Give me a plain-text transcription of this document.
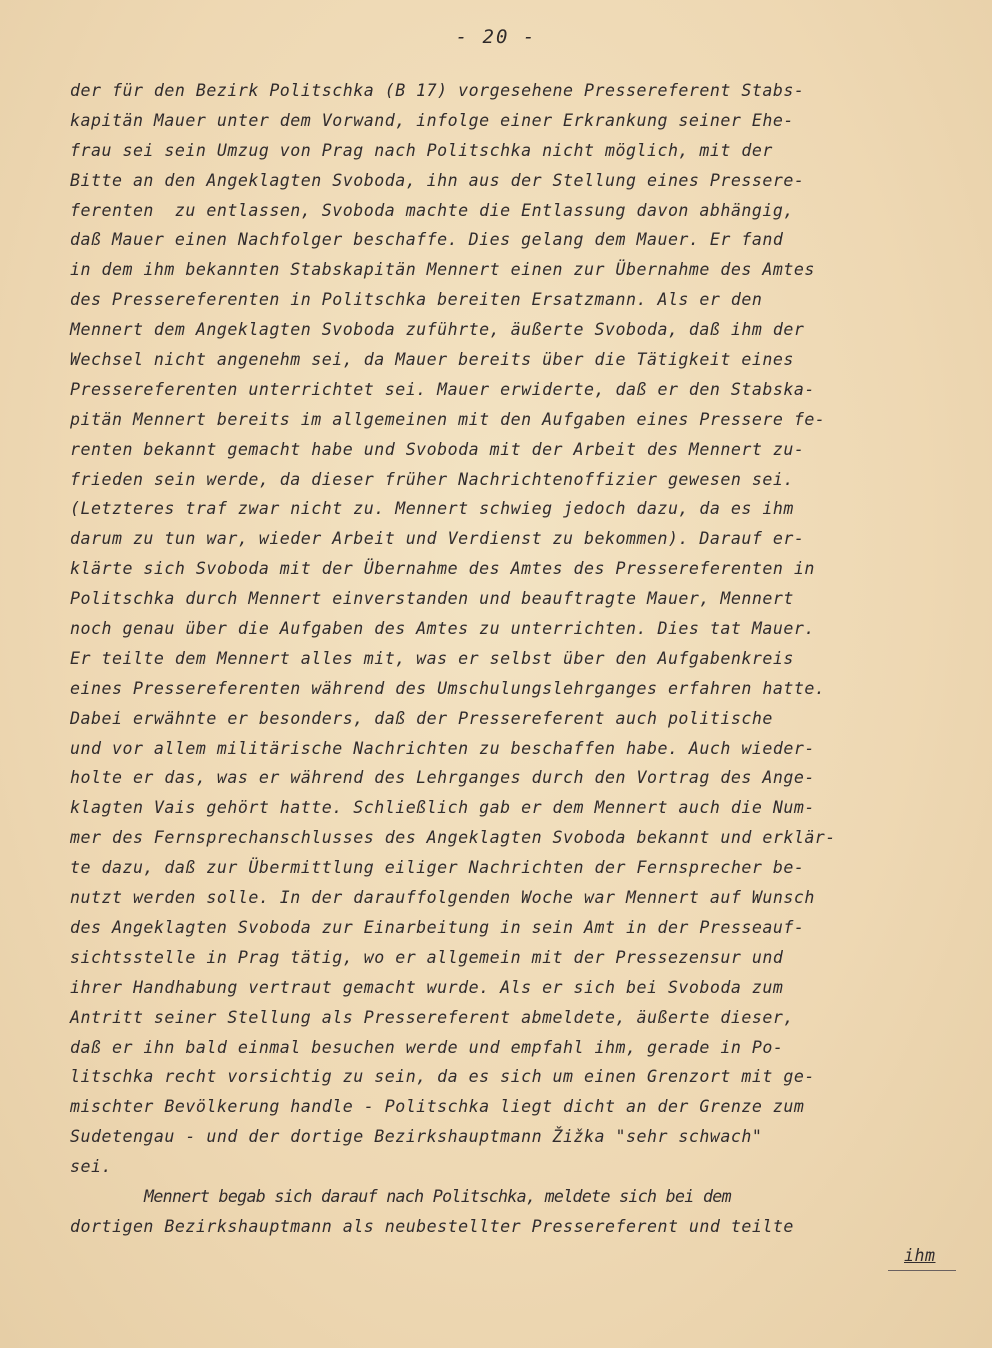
- 20 -
der für den Bezirk Politschka (B 17) vorgesehene Pressereferent Stabs-
kapitän Mauer unter dem Vorwand, infolge einer Erkrankung seiner Ehe-
frau sei sein Umzug von Prag nach Politschka nicht möglich, mit der
Bitte an den Angeklagten Svoboda, ihn aus der Stellung eines Pressere-
ferenten  zu entlassen, Svoboda machte die Entlassung davon abhängig,
daß Mauer einen Nachfolger beschaffe. Dies gelang dem Mauer. Er fand
in dem ihm bekannten Stabskapitän Mennert einen zur Übernahme des Amtes
des Pressereferenten in Politschka bereiten Ersatzmann. Als er den
Mennert dem Angeklagten Svoboda zuführte, äußerte Svoboda, daß ihm der
Wechsel nicht angenehm sei, da Mauer bereits über die Tätigkeit eines
Pressereferenten unterrichtet sei. Mauer erwiderte, daß er den Stabska-
pitän Mennert bereits im allgemeinen mit den Aufgaben eines Pressere fe-
renten bekannt gemacht habe und Svoboda mit der Arbeit des Mennert zu-
frieden sein werde, da dieser früher Nachrichtenoffizier gewesen sei.
(Letzteres traf zwar nicht zu. Mennert schwieg jedoch dazu, da es ihm
darum zu tun war, wieder Arbeit und Verdienst zu bekommen). Darauf er-
klärte sich Svoboda mit der Übernahme des Amtes des Pressereferenten in
Politschka durch Mennert einverstanden und beauftragte Mauer, Mennert
noch genau über die Aufgaben des Amtes zu unterrichten. Dies tat Mauer.
Er teilte dem Mennert alles mit, was er selbst über den Aufgabenkreis
eines Pressereferenten während des Umschulungslehrganges erfahren hatte.
Dabei erwähnte er besonders, daß der Pressereferent auch politische
und vor allem militärische Nachrichten zu beschaffen habe. Auch wieder-
holte er das, was er während des Lehrganges durch den Vortrag des Ange-
klagten Vais gehört hatte. Schließlich gab er dem Mennert auch die Num-
mer des Fernsprechanschlusses des Angeklagten Svoboda bekannt und erklär-
te dazu, daß zur Übermittlung eiliger Nachrichten der Fernsprecher be-
nutzt werden solle. In der darauffolgenden Woche war Mennert auf Wunsch
des Angeklagten Svoboda zur Einarbeitung in sein Amt in der Presseauf-
sichtsstelle in Prag tätig, wo er allgemein mit der Pressezensur und
ihrer Handhabung vertraut gemacht wurde. Als er sich bei Svoboda zum
Antritt seiner Stellung als Pressereferent abmeldete, äußerte dieser,
daß er ihn bald einmal besuchen werde und empfahl ihm, gerade in Po-
litschka recht vorsichtig zu sein, da es sich um einen Grenzort mit ge-
mischter Bevölkerung handle - Politschka liegt dicht an der Grenze zum
Sudetengau - und der dortige Bezirkshauptmann Žižka "sehr schwach"
sei.
Mennert begab sich darauf nach Politschka, meldete sich bei dem
dortigen Bezirkshauptmann als neubestellter Pressereferent und teilte
ihm
